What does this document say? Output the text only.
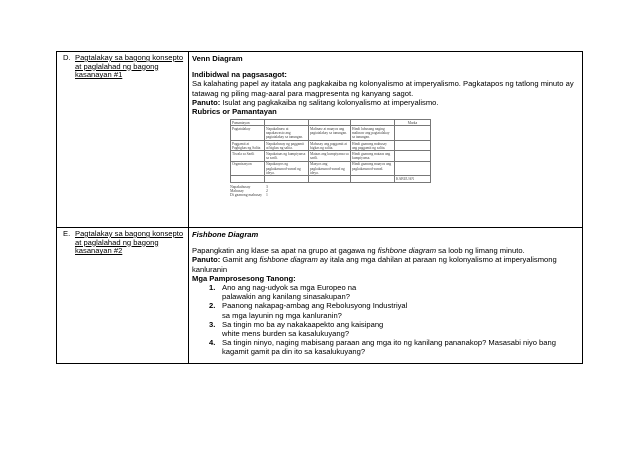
D. Pagtalakay sa bagong konsepto at paglalahad ng bagong kasanayan #1

Venn Diagram
Indibidwal na pagsasagot:
Sa kalahating papel ay itatala ang pagkakaiba ng kolonyalismo at imperyalismo. Pagkatapos ng tatlong minuto ay tatawag ng piling mag-aaral para magpresenta ng kanyang sagot.
Panuto: Isulat ang pagkakaiba ng salitang kolonyalismo at imperyalismo.
Rubrics or Pamantayan
Pamantayan				Marka
Pagtatalakay	Napakalinaw at napakawasto ang pagtatalakay sa tanungan.	Malinaw at maayos ang pagtatalakay sa tanungan.	Hindi lubusang naging malinaw ang pagtatalakay sa tanungan.	
Paggamit at Pagbigkas ng Salita	Napakahusay ng paggamit at bigkas ng salita.	Mahusay ang paggamit at bigkas ng salita.	Hindi gaanong mahusay ang paggamit ng salita.	
Tiwala sa Sarili	Napakataas ng kumpiyansa sa sarili.	Mataas ang kumpiyansa sa sarili.	Hindi gaanong mataas ang kumpiyansa.	
Organisasyon	Napakaayos ng pagkakasunod-sunod ng ideya.	Maayos ang pagkakasunod-sunod ng ideya.	Hindi gaanong maayos ang pagkakasunod-sunod.	
				KABUUAN
Napakahusay	3
Mahusay	2
Di gaanong mahusay	1

E. Pagtalakay sa bagong konsepto at paglalahad ng bagong kasanayan #2

Fishbone Diagram
Papangkatin ang klase sa apat na grupo at gagawa ng fishbone diagram sa loob ng limang minuto.
Panuto: Gamit ang fishbone diagram ay itala ang mga dahilan at paraan ng kolonyalismo at imperyalismong kanluranin
Mga Pamprosesong Tanong:
1. Ano ang nag-udyok sa mga Europeo na palawakin ang kanilang sinasakupan?
2. Paanong nakapag-ambag ang Rebolusyong Industriyal sa mga layunin ng mga kanluranin?
3. Sa tingin mo ba ay nakakaapekto ang kaisipang white mens burden sa kasalukuyang?
4. Sa tingin ninyo, naging mabisang paraan ang mga ito ng kanilang pananakop? Masasabi niyo bang kagamit gamit pa din ito sa kasalukuyang?
